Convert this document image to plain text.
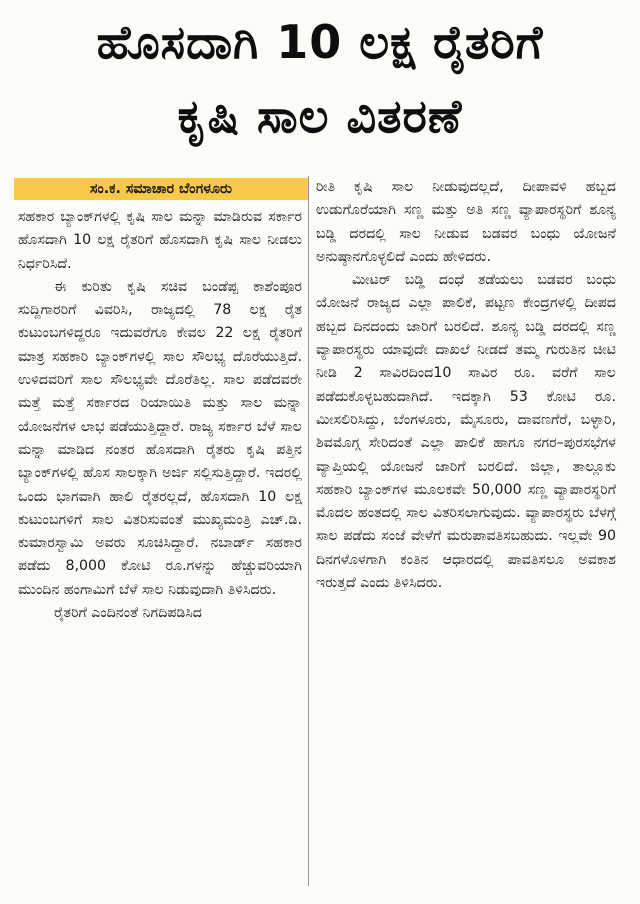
ಹೊಸದಾಗಿ 10 ಲಕ್ಷ ರೈತರಿಗೆ
ಕೃಷಿ ಸಾಲ ವಿತರಣೆ
ಸಂ.ಕ. ಸಮಾಚಾರ ಬೆಂಗಳೂರು

ಸಹಕಾರ ಬ್ಯಾಂಕ್‌ಗಳಲ್ಲಿ ಕೃಷಿ ಸಾಲ ಮನ್ನಾ ಮಾಡಿರುವ ಸರ್ಕಾರ ಹೊಸದಾಗಿ 10 ಲಕ್ಷ ರೈತರಿಗೆ ಹೊಸದಾಗಿ ಕೃಷಿ ಸಾಲ ನೀಡಲು ನಿರ್ಧರಿಸಿದೆ.

ಈ ಕುರಿತು ಕೃಷಿ ಸಚಿವ ಬಂಡೆಪ್ಪ ಕಾಶೆಂಪೂರ ಸುದ್ದಿಗಾರರಿಗೆ ವಿವರಿಸಿ, ರಾಜ್ಯದಲ್ಲಿ 78 ಲಕ್ಷ ರೈತ ಕುಟುಂಬಗಳಿದ್ದರೂ ಇದುವರೆಗೂ ಕೇವಲ 22 ಲಕ್ಷ ರೈತರಿಗೆ ಮಾತ್ರ ಸಹಕಾರಿ ಬ್ಯಾಂಕ್‌ಗಳಲ್ಲಿ ಸಾಲ ಸೌಲಭ್ಯ ದೊರೆಯುತ್ತಿದೆ. ಉಳಿದವರಿಗೆ ಸಾಲ ಸೌಲಭ್ಯವೇ ದೊರೆತಿಲ್ಲ. ಸಾಲ ಪಡೆದವರೇ ಮತ್ತೆ ಮತ್ತೆ ಸರ್ಕಾರದ ರಿಯಾಯಿತಿ ಮತ್ತು ಸಾಲ ಮನ್ನಾ ಯೋಜನೆಗಳ ಲಾಭ ಪಡೆಯುತ್ತಿದ್ದಾರೆ. ರಾಜ್ಯ ಸರ್ಕಾರ ಬೆಳೆ ಸಾಲ ಮನ್ನಾ ಮಾಡಿದ ನಂತರ ಹೊಸದಾಗಿ ರೈತರು ಕೃಷಿ ಪತ್ತಿನ ಬ್ಯಾಂಕ್‌ಗಳಲ್ಲಿ ಹೊಸ ಸಾಲಕ್ಕಾಗಿ ಅರ್ಜಿ ಸಲ್ಲಿಸುತ್ತಿದ್ದಾರೆ. ಇದರಲ್ಲಿ ಒಂದು ಭಾಗವಾಗಿ ಹಾಲಿ ರೈತರಲ್ಲದೆ, ಹೊಸದಾಗಿ 10 ಲಕ್ಷ ಕುಟುಂಬಗಳಿಗೆ ಸಾಲ ವಿತರಿಸುವಂತೆ ಮುಖ್ಯಮಂತ್ರಿ ಎಚ್.ಡಿ. ಕುಮಾರಸ್ವಾಮಿ ಅವರು ಸೂಚಿಸಿದ್ದಾರೆ. ನಬಾರ್ಡ್ ಸಹಕಾರ ಪಡೆದು 8,000 ಕೋಟಿ ರೂ.ಗಳನ್ನು ಹೆಚ್ಚುವರಿಯಾಗಿ ಮುಂದಿನ ಹಂಗಾಮಿಗೆ ಬೆಳೆ ಸಾಲ ನಿಡುವುದಾಗಿ ತಿಳಿಸಿದರು.

ರೈತರಿಗೆ ಎಂದಿನಂತೆ ನಿಗದಿಪಡಿಸಿದ

ರೀತಿ ಕೃಷಿ ಸಾಲ ನೀಡುವುದಲ್ಲದೆ, ದೀಪಾವಳಿ ಹಬ್ಬದ ಉಡುಗೊರೆಯಾಗಿ ಸಣ್ಣ ಮತ್ತು ಅತಿ ಸಣ್ಣ ವ್ಯಾಪಾರಸ್ಥರಿಗೆ ಶೂನ್ಯ ಬಡ್ಡಿ ದರದಲ್ಲಿ ಸಾಲ ನೀಡುವ ಬಡವರ ಬಂಧು ಯೋಜನೆ ಅನುಷ್ಠಾನಗೊಳ್ಳಲಿದೆ ಎಂದು ಹೇಳಿದರು.

ಮೀಟರ್ ಬಡ್ಡಿ ದಂಧೆ ತಡೆಯಲು ಬಡವರ ಬಂಧು ಯೋಜನೆ ರಾಜ್ಯದ ಎಲ್ಲಾ ಪಾಲಿಕೆ, ಪಟ್ಟಣ ಕೇಂದ್ರಗಳಲ್ಲಿ ದೀಪದ ಹಬ್ಬದ ದಿನದಂದು ಜಾರಿಗೆ ಬರಲಿದೆ. ಶೂನ್ಯ ಬಡ್ಡಿ ದರದಲ್ಲಿ ಸಣ್ಣ ವ್ಯಾಪಾರಸ್ಥರು ಯಾವುದೇ ದಾಖಲೆ ನೀಡದೆ ತಮ್ಮ ಗುರುತಿನ ಚೀಟಿ ನೀಡಿ 2 ಸಾವಿರದಿಂದ10 ಸಾವಿರ ರೂ. ವರೆಗೆ ಸಾಲ ಪಡೆದುಕೊಳ್ಳಬಹುದಾಗಿದೆ. ಇದಕ್ಕಾಗಿ 53 ಕೋಟಿ ರೂ. ಮೀಸಲಿರಿಸಿದ್ದು, ಬೆಂಗಳೂರು, ಮೈಸೂರು, ದಾವಣಗೆರೆ, ಬಳ್ಳಾರಿ, ಶಿವಮೊಗ್ಗ ಸೇರಿದಂತೆ ಎಲ್ಲಾ ಪಾಲಿಕೆ ಹಾಗೂ ನಗರ–ಪುರಸಭೆಗಳ ವ್ಯಾಪ್ತಿಯಲ್ಲಿ ಯೋಜನೆ ಜಾರಿಗೆ ಬರಲಿದೆ. ಜಿಲ್ಲಾ, ತಾಲ್ಲೂಕು ಸಹಕಾರಿ ಬ್ಯಾಂಕ್‌ಗಳ ಮೂಲಕವೇ 50,000 ಸಣ್ಣ ವ್ಯಾಪಾರಸ್ಥರಿಗೆ ಮೊದಲ ಹಂತದಲ್ಲಿ ಸಾಲ ವಿತರಿಸಲಾಗುವುದು. ವ್ಯಾಪಾರಸ್ಥರು ಬೆಳಗ್ಗೆ ಸಾಲ ಪಡೆದು ಸಂಜೆ ವೇಳೆಗೆ ಮರುಪಾವತಿಸಬಹುದು. ಇಲ್ಲವೇ 90 ದಿನಗಳೊಳಗಾಗಿ ಕಂತಿನ ಆಧಾರದಲ್ಲಿ ಪಾವತಿಸಲೂ ಅವಕಾಶ ಇರುತ್ತದೆ ಎಂದು ತಿಳಿಸಿದರು.
